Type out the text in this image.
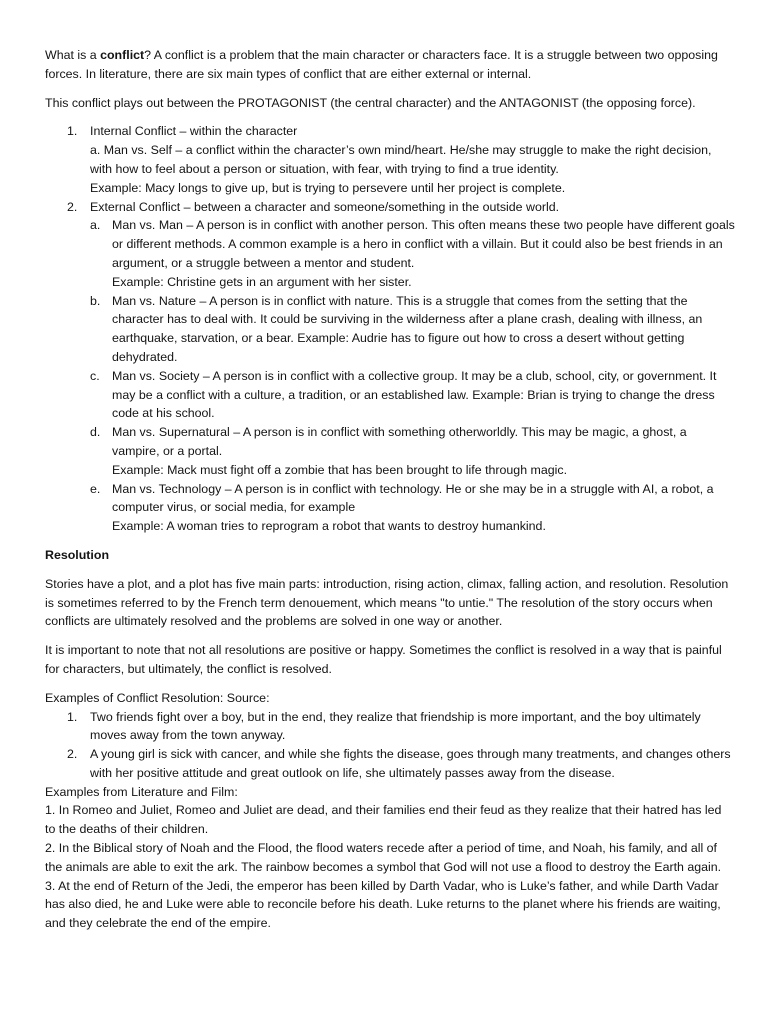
What is a conflict? A conflict is a problem that the main character or characters face. It is a struggle between two opposing forces. In literature, there are six main types of conflict that are either external or internal.

This conflict plays out between the PROTAGONIST (the central character) and the ANTAGONIST (the opposing force).

1. Internal Conflict – within the character

a. Man vs. Self – a conflict within the character’s own mind/heart. He/she may struggle to make the right decision, with how to feel about a person or situation, with fear, with trying to find a true identity.

Example: Macy longs to give up, but is trying to persevere until her project is complete.

2. External Conflict – between a character and someone/something in the outside world.

a. Man vs. Man – A person is in conflict with another person. This often means these two people have different goals or different methods. A common example is a hero in conflict with a villain. But it could also be best friends in an argument, or a struggle between a mentor and student.

Example: Christine gets in an argument with her sister.

b. Man vs. Nature – A person is in conflict with nature. This is a struggle that comes from the setting that the character has to deal with. It could be surviving in the wilderness after a plane crash, dealing with illness, an earthquake, starvation, or a bear. Example: Audrie has to figure out how to cross a desert without getting dehydrated.

c. Man vs. Society – A person is in conflict with a collective group. It may be a club, school, city, or government. It may be a conflict with a culture, a tradition, or an established law. Example: Brian is trying to change the dress code at his school.

d. Man vs. Supernatural – A person is in conflict with something otherworldly. This may be magic, a ghost, a vampire, or a portal.

Example: Mack must fight off a zombie that has been brought to life through magic.

e. Man vs. Technology – A person is in conflict with technology. He or she may be in a struggle with AI, a robot, a computer virus, or social media, for example

Example: A woman tries to reprogram a robot that wants to destroy humankind.

Resolution

Stories have a plot, and a plot has five main parts: introduction, rising action, climax, falling action, and resolution. Resolution is sometimes referred to by the French term denouement, which means "to untie." The resolution of the story occurs when conflicts are ultimately resolved and the problems are solved in one way or another.

It is important to note that not all resolutions are positive or happy. Sometimes the conflict is resolved in a way that is painful for characters, but ultimately, the conflict is resolved.

Examples of Conflict Resolution: Source:

1. Two friends fight over a boy, but in the end, they realize that friendship is more important, and the boy ultimately moves away from the town anyway.

2. A young girl is sick with cancer, and while she fights the disease, goes through many treatments, and changes others with her positive attitude and great outlook on life, she ultimately passes away from the disease.

Examples from Literature and Film:

1. In Romeo and Juliet, Romeo and Juliet are dead, and their families end their feud as they realize that their hatred has led to the deaths of their children.

2. In the Biblical story of Noah and the Flood, the flood waters recede after a period of time, and Noah, his family, and all of the animals are able to exit the ark. The rainbow becomes a symbol that God will not use a flood to destroy the Earth again.

3. At the end of Return of the Jedi, the emperor has been killed by Darth Vadar, who is Luke’s father, and while Darth Vadar has also died, he and Luke were able to reconcile before his death. Luke returns to the planet where his friends are waiting, and they celebrate the end of the empire.
